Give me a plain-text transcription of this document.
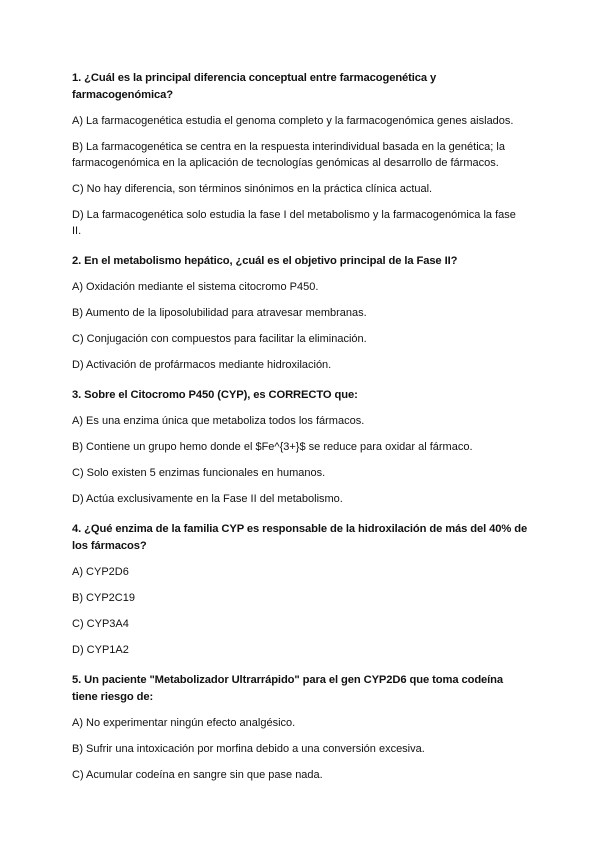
1. ¿Cuál es la principal diferencia conceptual entre farmacogenética y farmacogenómica?
A) La farmacogenética estudia el genoma completo y la farmacogenómica genes aislados.
B) La farmacogenética se centra en la respuesta interindividual basada en la genética; la farmacogenómica en la aplicación de tecnologías genómicas al desarrollo de fármacos.
C) No hay diferencia, son términos sinónimos en la práctica clínica actual.
D) La farmacogenética solo estudia la fase I del metabolismo y la farmacogenómica la fase II.
2. En el metabolismo hepático, ¿cuál es el objetivo principal de la Fase II?
A) Oxidación mediante el sistema citocromo P450.
B) Aumento de la liposolubilidad para atravesar membranas.
C) Conjugación con compuestos para facilitar la eliminación.
D) Activación de profármacos mediante hidroxilación.
3. Sobre el Citocromo P450 (CYP), es CORRECTO que:
A) Es una enzima única que metaboliza todos los fármacos.
B) Contiene un grupo hemo donde el $Fe^{3+}$ se reduce para oxidar al fármaco.
C) Solo existen 5 enzimas funcionales en humanos.
D) Actúa exclusivamente en la Fase II del metabolismo.
4. ¿Qué enzima de la familia CYP es responsable de la hidroxilación de más del 40% de los fármacos?
A) CYP2D6
B) CYP2C19
C) CYP3A4
D) CYP1A2
5. Un paciente "Metabolizador Ultrarrápido" para el gen CYP2D6 que toma codeína tiene riesgo de:
A) No experimentar ningún efecto analgésico.
B) Sufrir una intoxicación por morfina debido a una conversión excesiva.
C) Acumular codeína en sangre sin que pase nada.
